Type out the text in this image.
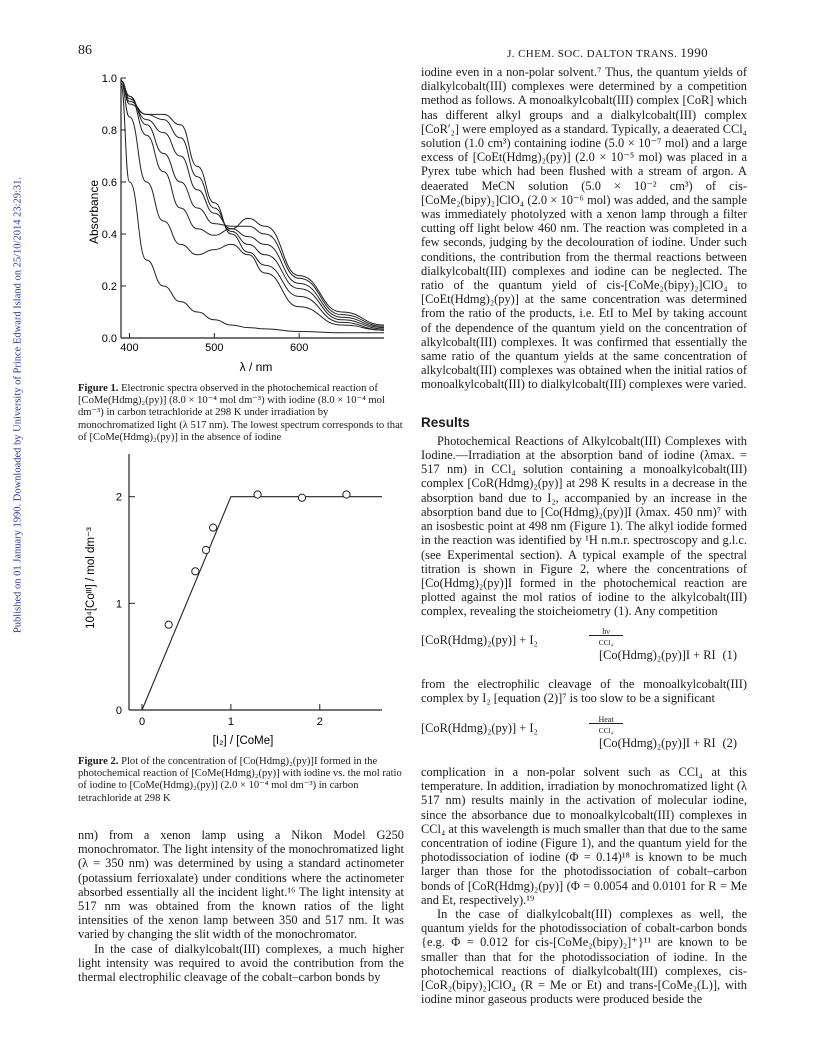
86	J. CHEM. SOC. DALTON TRANS. 1990
Published on 01 January 1990. Downloaded by University of Prince Edward Island on 25/10/2014 23:29:31.	0.0
0.2
0.4
0.6
0.8
1.0
400	500	600
Absorbance
λ / nm
Figure 1. Electronic spectra observed in the photochemical reaction of [CoMe(Hdmg)₂(py)] (8.0 × 10⁻⁴ mol dm⁻³) with iodine (8.0 × 10⁻⁴ mol dm⁻³) in carbon tetrachloride at 298 K under irradiation by monochromatized light (λ 517 nm). The lowest spectrum corresponds to that of [CoMe(Hdmg)₂(py)] in the absence of iodine
0
1
2
0	1	2
10⁴[Coᴵᴵᴵ] / mol dm⁻³
[I₂] / [CoMe]
Figure 2. Plot of the concentration of [Co(Hdmg)₂(py)]I formed in the photochemical reaction of [CoMe(Hdmg)₂(py)] with iodine vs. the mol ratio of iodine to [CoMe(Hdmg)₂(py)] (2.0 × 10⁻⁴ mol dm⁻³) in carbon tetrachloride at 298 K

nm) from a xenon lamp using a Nikon Model G250 monochromator. The light intensity of the monochromatized light (λ = 350 nm) was determined by using a standard actinometer (potassium ferrioxalate) under conditions where the actinometer absorbed essentially all the incident light.¹⁶ The light intensity at 517 nm was obtained from the known ratios of the light intensities of the xenon lamp between 350 and 517 nm. It was varied by changing the slit width of the monochromator.

In the case of dialkylcobalt(III) complexes, a much higher light intensity was required to avoid the contribution from the thermal electrophilic cleavage of the cobalt–carbon bonds by

iodine even in a non-polar solvent.⁷ Thus, the quantum yields of dialkylcobalt(III) complexes were determined by a competition method as follows. A monoalkylcobalt(III) complex [CoR] which has different alkyl groups and a dialkylcobalt(III) complex [CoR′₂] were employed as a standard. Typically, a deaerated CCl₄ solution (1.0 cm³) containing iodine (5.0 × 10⁻⁷ mol) and a large excess of [CoEt(Hdmg)₂(py)] (2.0 × 10⁻⁵ mol) was placed in a Pyrex tube which had been flushed with a stream of argon. A deaerated MeCN solution (5.0 × 10⁻² cm³) of cis-[CoMe₂(bipy)₂]ClO₄ (2.0 × 10⁻⁶ mol) was added, and the sample was immediately photolyzed with a xenon lamp through a filter cutting off light below 460 nm. The reaction was completed in a few seconds, judging by the decolouration of iodine. Under such conditions, the contribution from the thermal reactions between dialkylcobalt(III) complexes and iodine can be neglected. The ratio of the quantum yield of cis-[CoMe₂(bipy)₂]ClO₄ to [CoEt(Hdmg)₂(py)] at the same concentration was determined from the ratio of the products, i.e. EtI to MeI by taking account of the dependence of the quantum yield on the concentration of alkylcobalt(III) complexes. It was confirmed that essentially the same ratio of the quantum yields at the same concentration of alkylcobalt(III) complexes was obtained when the initial ratios of monoalkylcobalt(III) to dialkylcobalt(III) complexes were varied.

Results

Photochemical Reactions of Alkylcobalt(III) Complexes with Iodine.—Irradiation at the absorption band of iodine (λmax. = 517 nm) in CCl₄ solution containing a monoalkylcobalt(III) complex [CoR(Hdmg)₂(py)] at 298 K results in a decrease in the absorption band due to I₂, accompanied by an increase in the absorption band due to [Co(Hdmg)₂(py)]I (λmax. 450 nm)⁷ with an isosbestic point at 498 nm (Figure 1). The alkyl iodide formed in the reaction was identified by ¹H n.m.r. spectroscopy and g.l.c. (see Experimental section). A typical example of the spectral titration is shown in Figure 2, where the concentrations of [Co(Hdmg)₂(py)]I formed in the photochemical reaction are plotted against the mol ratios of iodine to the alkylcobalt(III) complex, revealing the stoicheiometry (1). Any competition

[CoR(Hdmg)₂(py)] + I₂
hν
CCl₄
[Co(Hdmg)₂(py)]I + RI (1)

from the electrophilic cleavage of the monoalkylcobalt(III) complex by I₂ [equation (2)]⁷ is too slow to be a significant

[CoR(Hdmg)₂(py)] + I₂
Heat
CCl₄
[Co(Hdmg)₂(py)]I + RI (2)

complication in a non-polar solvent such as CCl₄ at this temperature. In addition, irradiation by monochromatized light (λ 517 nm) results mainly in the activation of molecular iodine, since the absorbance due to monoalkylcobalt(III) complexes in CCl₄ at this wavelength is much smaller than that due to the same concentration of iodine (Figure 1), and the quantum yield for the photodissociation of iodine (Φ = 0.14)¹⁸ is known to be much larger than those for the photodissociation of cobalt–carbon bonds of [CoR(Hdmg)₂(py)] (Φ = 0.0054 and 0.0101 for R = Me and Et, respectively).¹⁹

In the case of dialkylcobalt(III) complexes as well, the quantum yields for the photodissociation of cobalt-carbon bonds {e.g. Φ = 0.012 for cis-[CoMe₂(bipy)₂]⁺}¹¹ are known to be smaller than that for the photodissociation of iodine. In the photochemical reactions of dialkylcobalt(III) complexes, cis-[CoR₂(bipy)₂]ClO₄ (R = Me or Et) and trans-[CoMe₂(L)], with iodine minor gaseous products were produced beside the
